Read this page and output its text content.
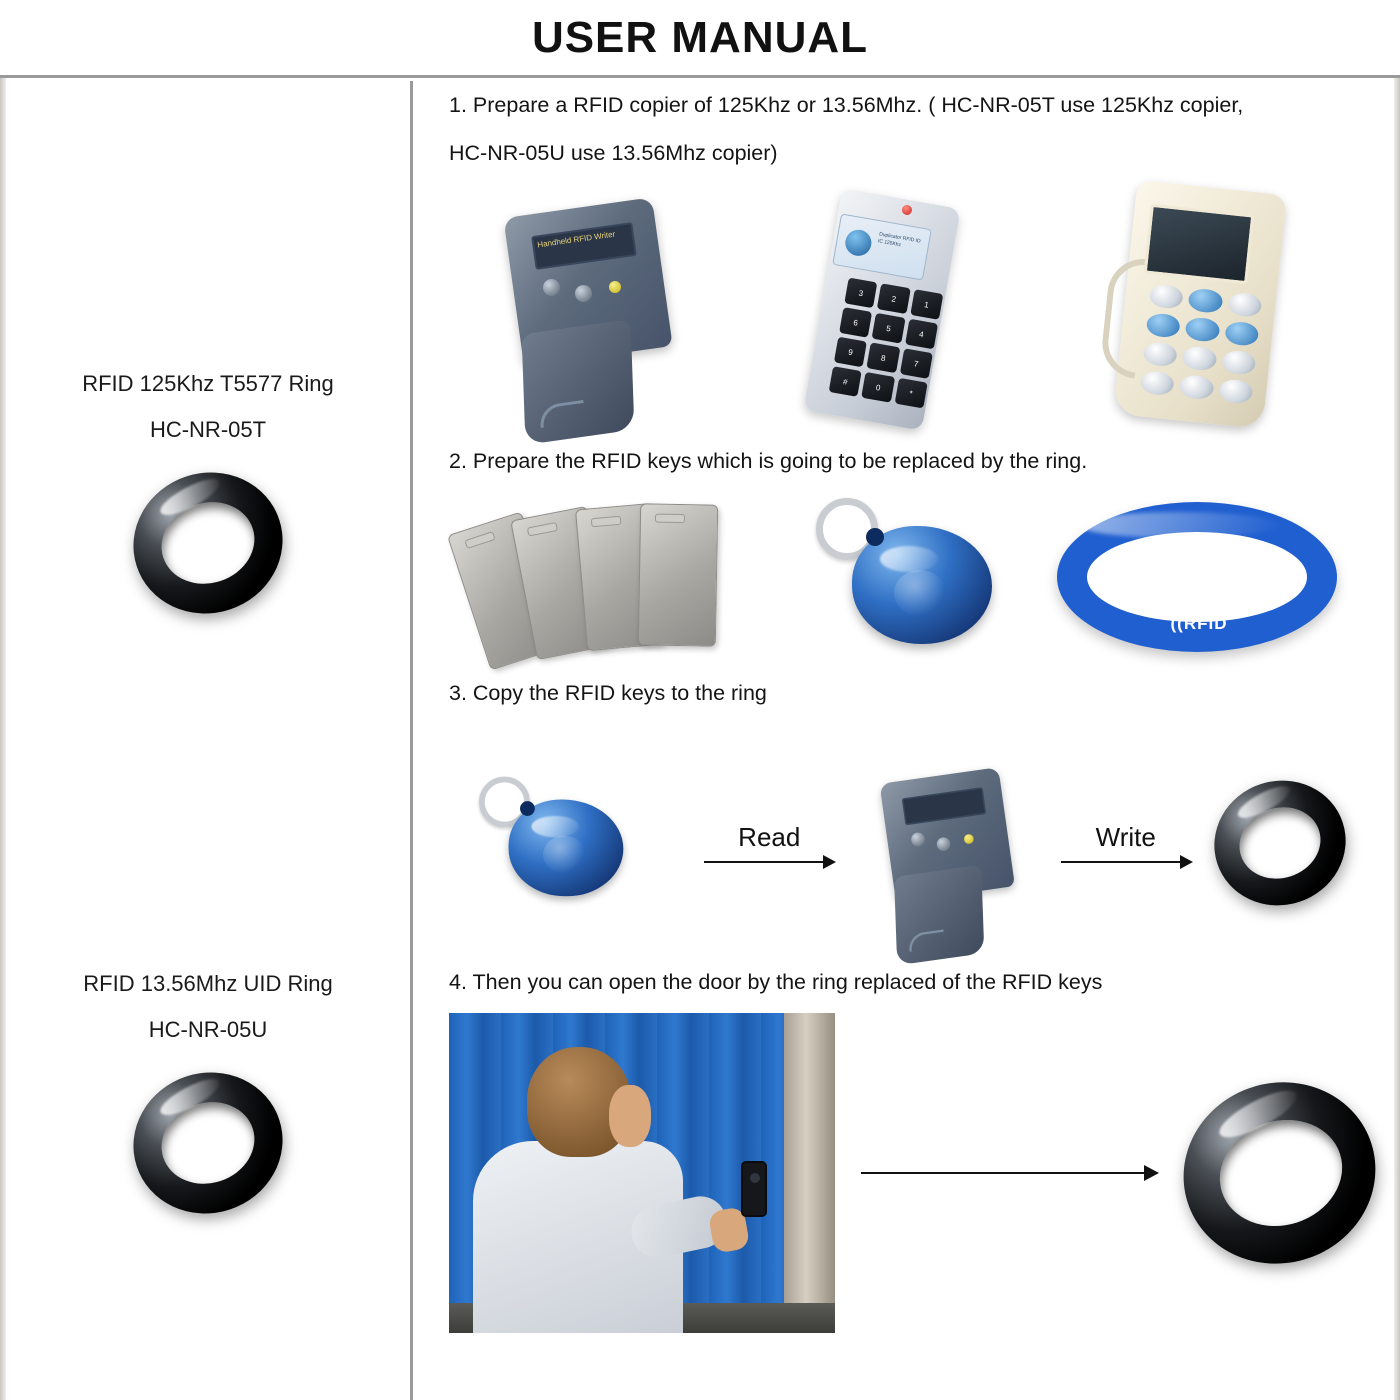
USER MANUAL
RFID 125Khz T5577 Ring
HC-NR-05T
RFID 13.56Mhz UID Ring
HC-NR-05U
1. Prepare a RFID copier of 125Khz or 13.56Mhz. ( HC-NR-05T use 125Khz copier,
HC-NR-05U use 13.56Mhz copier)
Handheld RFID Writer	Duplicator RFID ID IC 125Khz
3
2
1
6
5
4
9
8
7
#
0
*
2. Prepare the RFID keys which is going to be replaced by the ring.
((RFID
3. Copy the RFID keys to the ring
Read	Write
4. Then you can open the door by the ring replaced of the RFID keys
